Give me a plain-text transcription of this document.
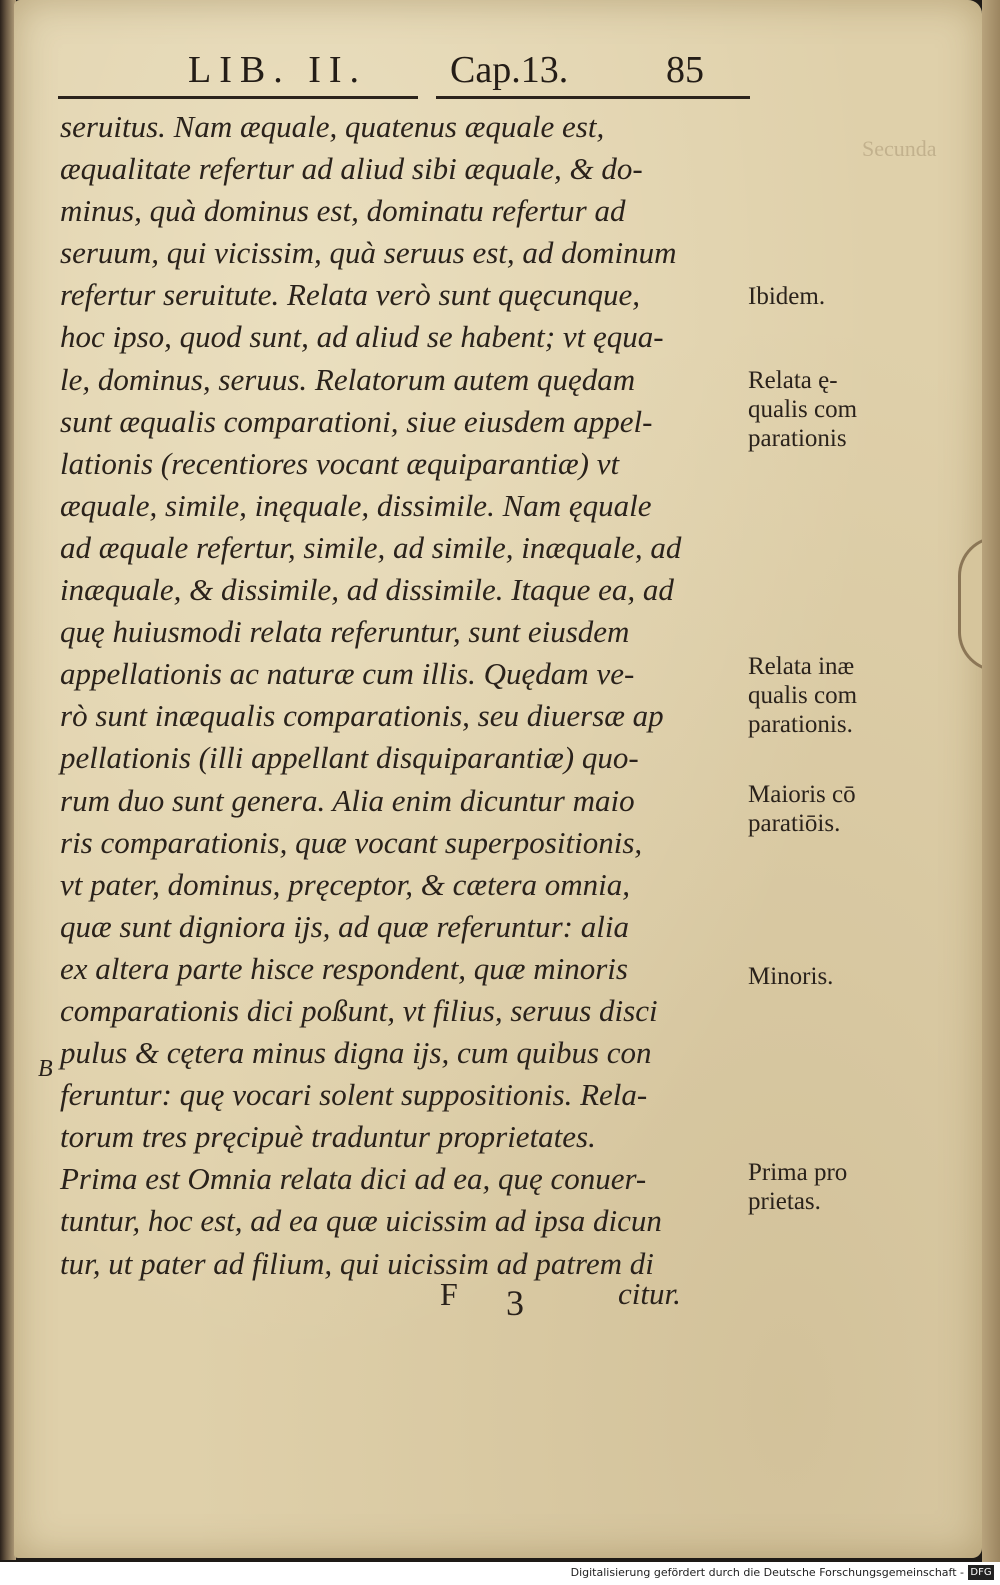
Secunda
LIB. II. Cap.13.	85
seruitus. Nam æquale, quatenus æquale est,
æqualitate refertur ad aliud sibi æquale, & do-
minus, quà dominus est, dominatu refertur ad
seruum, qui vicissim, quà seruus est, ad dominum
refertur seruitute. Relata verò sunt quęcunque,
hoc ipso, quod sunt, ad aliud se habent; vt ęqua-
le, dominus, seruus. Relatorum autem quędam
sunt æqualis comparationi, siue eiusdem appel-
lationis (recentiores vocant æquiparantiæ) vt
æquale, simile, inęquale, dissimile. Nam ęquale
ad æquale refertur, simile, ad simile, inæquale, ad
inæquale, & dissimile, ad dissimile. Itaque ea, ad
quę huiusmodi relata referuntur, sunt eiusdem
appellationis ac naturæ cum illis. Quędam ve-
rò sunt inæqualis comparationis, seu diuersæ ap
pellationis (illi appellant disquiparantiæ) quo-
rum duo sunt genera. Alia enim dicuntur maio
ris comparationis, quæ vocant superpositionis,
vt pater, dominus, pręceptor, & cætera omnia,
quæ sunt digniora ijs, ad quæ referuntur: alia
ex altera parte hisce respondent, quæ minoris
comparationis dici poßunt, vt filius, seruus disci
pulus & cętera minus digna ijs, cum quibus con
feruntur: quę vocari solent suppositionis. Rela-
torum tres pręcipuè traduntur proprietates.
Prima est Omnia relata dici ad ea, quę conuer-
tuntur, hoc est, ad ea quæ uicissim ad ipsa dicun
tur, ut pater ad filium, qui uicissim ad patrem di
Ibidem.
Relata ę-
qualis com
parationis
Relata inæ
qualis com
parationis.
Maioris cō
paratiōis.
Minoris.
Prima pro
prietas.
B
F 3	citur.
Digitalisierung gefördert durch die Deutsche Forschungsgemeinschaft - DFG
